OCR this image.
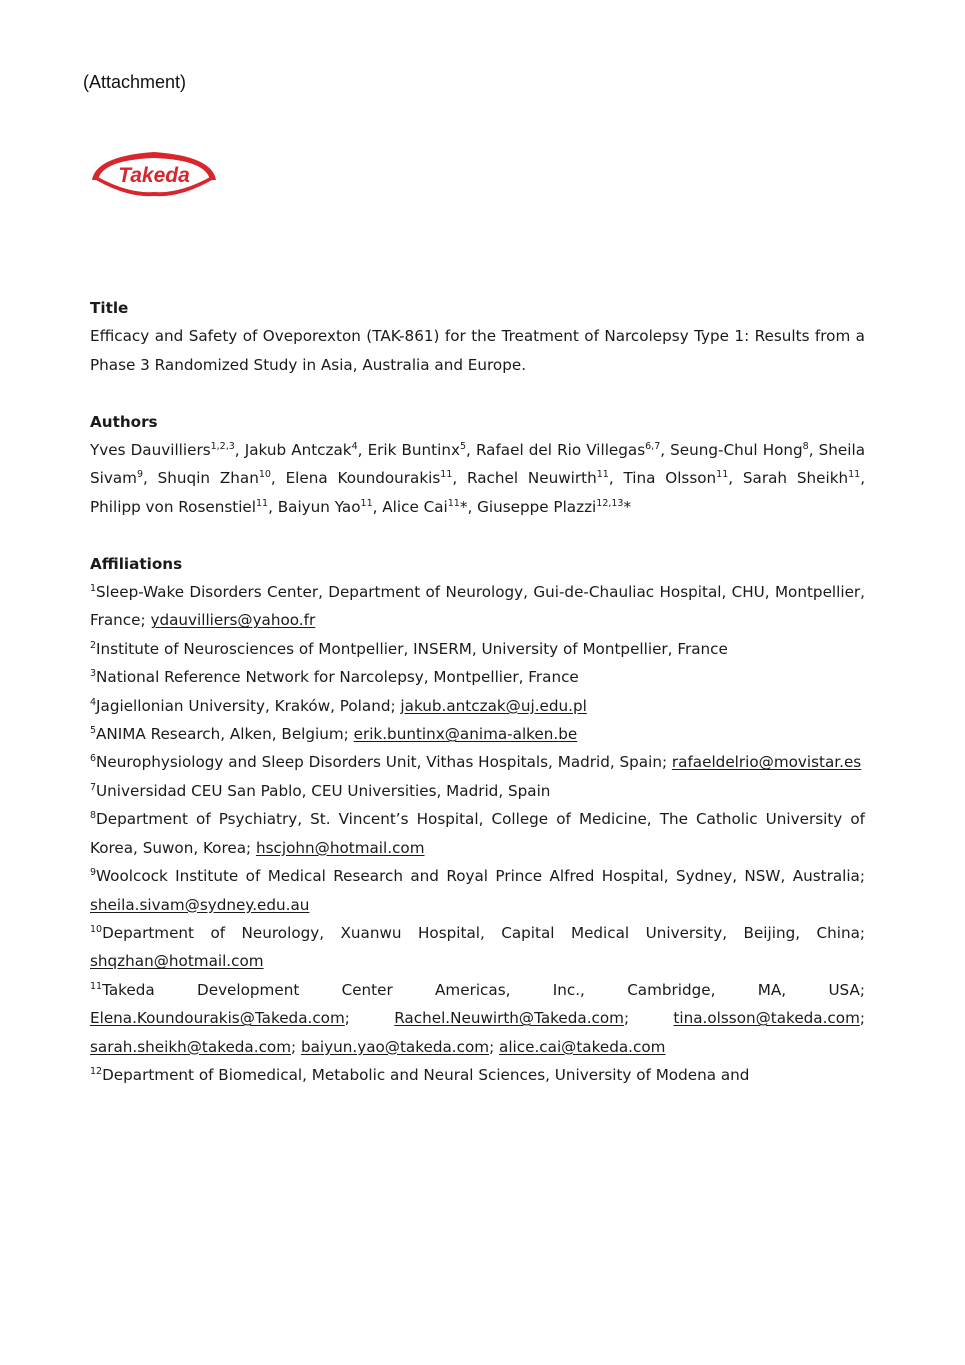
(Attachment)
Takeda
Title
Efficacy and Safety of Oveporexton (TAK-861) for the Treatment of Narcolepsy Type 1: Results from a Phase 3 Randomized Study in Asia, Australia and Europe.
Authors
Yves Dauvilliers$^{1,2,3}$, Jakub Antczak$^4$, Erik Buntinx$^5$, Rafael del Rio Villegas$^{6,7}$, Seung-Chul Hong$^8$, Sheila Sivam$^9$, Shuqin Zhan$^{10}$, Elena Koundourakis$^{11}$, Rachel Neuwirth$^{11}$, Tina Olsson$^{11}$, Sarah Sheikh$^{11}$, Philipp von Rosenstiel$^{11}$, Baiyun Yao$^{11}$, Alice Cai$^{11}$*, Giuseppe Plazzi$^{12,13}$*
Affiliations
$^1$Sleep-Wake Disorders Center, Department of Neurology, Gui-de-Chauliac Hospital, CHU, Montpellier, France; ydauvilliers@yahoo.fr
$^2$Institute of Neurosciences of Montpellier, INSERM, University of Montpellier, France
$^3$National Reference Network for Narcolepsy, Montpellier, France
$^4$Jagiellonian University, Kraków, Poland; jakub.antczak@uj.edu.pl
$^5$ANIMA Research, Alken, Belgium; erik.buntinx@anima-alken.be
$^6$Neurophysiology and Sleep Disorders Unit, Vithas Hospitals, Madrid, Spain; rafaeldelrio@movistar.es
$^7$Universidad CEU San Pablo, CEU Universities, Madrid, Spain
$^8$Department of Psychiatry, St. Vincent’s Hospital, College of Medicine, The Catholic University of Korea, Suwon, Korea; hscjohn@hotmail.com
$^9$Woolcock Institute of Medical Research and Royal Prince Alfred Hospital, Sydney, NSW, Australia; sheila.sivam@sydney.edu.au
$^{10}$Department of Neurology, Xuanwu Hospital, Capital Medical University, Beijing, China; shqzhan@hotmail.com
$^{11}$Takeda Development Center Americas, Inc., Cambridge, MA, USA; Elena.Koundourakis@Takeda.com; Rachel.Neuwirth@Takeda.com; tina.olsson@takeda.com; sarah.sheikh@takeda.com; baiyun.yao@takeda.com; alice.cai@takeda.com
$^{12}$Department of Biomedical, Metabolic and Neural Sciences, University of Modena and
